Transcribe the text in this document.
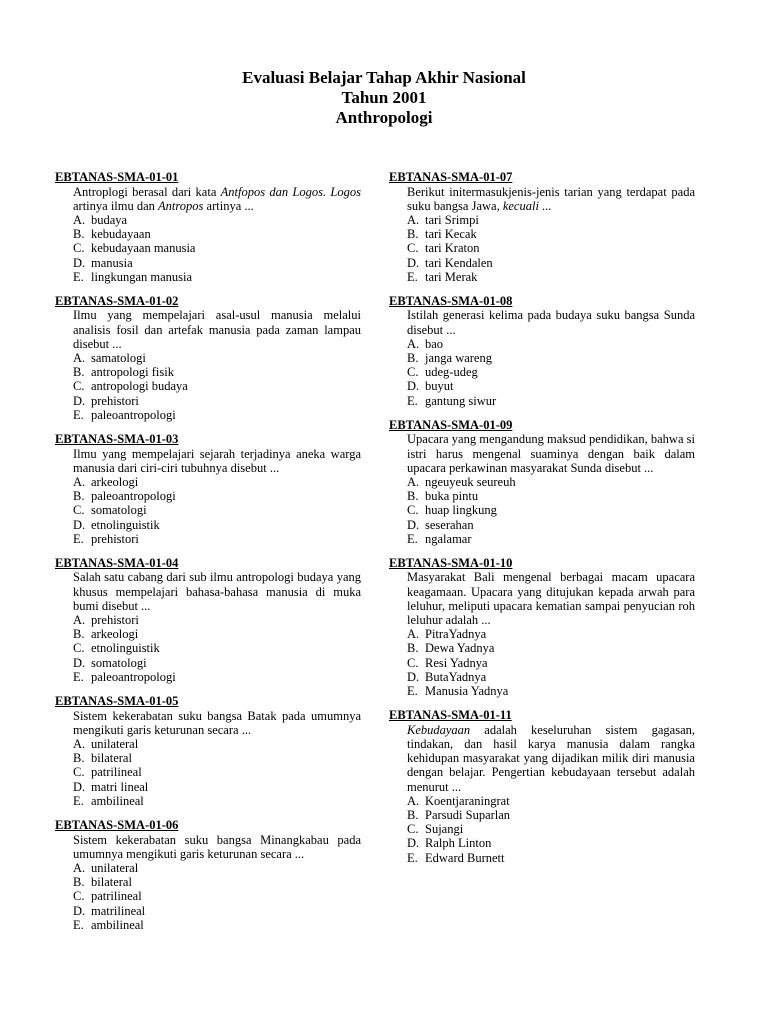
Evaluasi Belajar Tahap Akhir Nasional
Tahun 2001
Anthropologi
EBTANAS-SMA-01-01
Antroplogi berasal dari kata Antfopos dan Logos. Logos artinya ilmu dan Antropos artinya ...
A. budaya
B. kebudayaan
C. kebudayaan manusia
D. manusia
E. lingkungan manusia
EBTANAS-SMA-01-02
Ilmu yang mempelajari asal-usul manusia melalui analisis fosil dan artefak manusia pada zaman lampau disebut ...
A. samatologi
B. antropologi fisik
C. antropologi budaya
D. prehistori
E. paleoantropologi
EBTANAS-SMA-01-03
Ilmu yang mempelajari sejarah terjadinya aneka warga manusia dari ciri-ciri tubuhnya disebut ...
A. arkeologi
B. paleoantropologi
C. somatologi
D. etnolinguistik
E. prehistori
EBTANAS-SMA-01-04
Salah satu cabang dari sub ilmu antropologi budaya yang khusus mempelajari bahasa-bahasa manusia di muka bumi disebut ...
A. prehistori
B. arkeologi
C. etnolinguistik
D. somatologi
E. paleoantropologi
EBTANAS-SMA-01-05
Sistem kekerabatan suku bangsa Batak pada umumnya mengikuti garis keturunan secara ...
A. unilateral
B. bilateral
C. patrilineal
D. matri lineal
E. ambilineal
EBTANAS-SMA-01-06
Sistem kekerabatan suku bangsa Minangkabau pada umumnya mengikuti garis keturunan secara ...
A. unilateral
B. bilateral
C. patrilineal
D. matrilineal
E. ambilineal
EBTANAS-SMA-01-07
Berikut initermasukjenis-jenis tarian yang terdapat pada suku bangsa Jawa, kecuali ...
A. tari Srimpi
B. tari Kecak
C. tari Kraton
D. tari Kendalen
E. tari Merak
EBTANAS-SMA-01-08
Istilah generasi kelima pada budaya suku bangsa Sunda disebut ...
A. bao
B. janga wareng
C. udeg-udeg
D. buyut
E. gantung siwur
EBTANAS-SMA-01-09
Upacara yang mengandung maksud pendidikan, bahwa si istri harus mengenal suaminya dengan baik dalam upacara perkawinan masyarakat Sunda disebut ...
A. ngeuyeuk seureuh
B. buka pintu
C. huap lingkung
D. seserahan
E. ngalamar
EBTANAS-SMA-01-10
Masyarakat Bali mengenal berbagai macam upacara keagamaan. Upacara yang ditujukan kepada arwah para leluhur, meliputi upacara kematian sampai penyucian roh leluhur adalah ...
A. PitraYadnya
B. Dewa Yadnya
C. Resi Yadnya
D. ButaYadnya
E. Manusia Yadnya
EBTANAS-SMA-01-11
Kebudayaan adalah keseluruhan sistem gagasan, tindakan, dan hasil karya manusia dalam rangka kehidupan masyarakat yang dijadikan milik diri manusia dengan belajar. Pengertian kebudayaan tersebut adalah menurut ...
A. Koentjaraningrat
B. Parsudi Suparlan
C. Sujangi
D. Ralph Linton
E. Edward Burnett
